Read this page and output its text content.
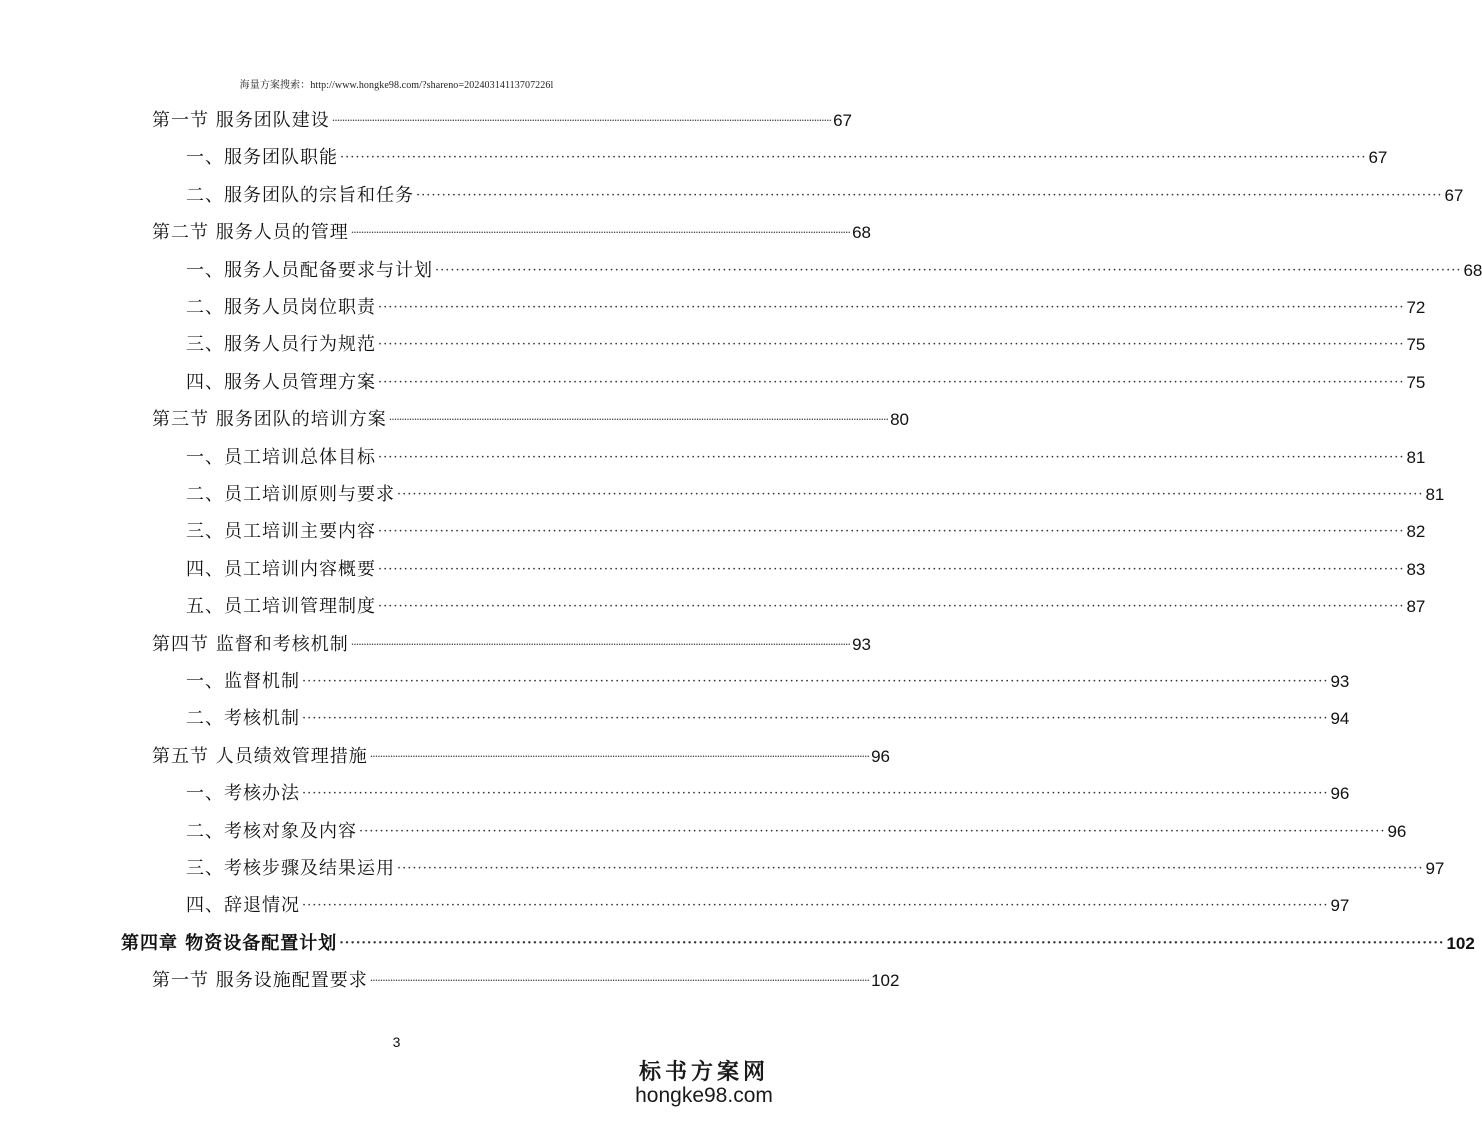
海量方案搜索：http://www.hongke98.com/?shareno=20240314113707226l
第一节 服务团队建设 ········································································································································································································ 67
一、服务团队职能 ········································································································································································································ 67
二、服务团队的宗旨和任务 ········································································································································································································ 67
第二节 服务人员的管理 ········································································································································································································ 68
一、服务人员配备要求与计划 ········································································································································································································ 68
二、服务人员岗位职责 ········································································································································································································ 72
三、服务人员行为规范 ········································································································································································································ 75
四、服务人员管理方案 ········································································································································································································ 75
第三节 服务团队的培训方案 ········································································································································································································ 80
一、员工培训总体目标 ········································································································································································································ 81
二、员工培训原则与要求 ········································································································································································································ 81
三、员工培训主要内容 ········································································································································································································ 82
四、员工培训内容概要 ········································································································································································································ 83
五、员工培训管理制度 ········································································································································································································ 87
第四节 监督和考核机制 ········································································································································································································ 93
一、监督机制 ········································································································································································································ 93
二、考核机制 ········································································································································································································ 94
第五节 人员绩效管理措施 ········································································································································································································ 96
一、考核办法 ········································································································································································································ 96
二、考核对象及内容 ········································································································································································································ 96
三、考核步骤及结果运用 ········································································································································································································ 97
四、辞退情况 ········································································································································································································ 97
第四章 物资设备配置计划 ········································································································································································································ 102
第一节 服务设施配置要求 ········································································································································································································ 102
3
标书方案网
hongke98.com
